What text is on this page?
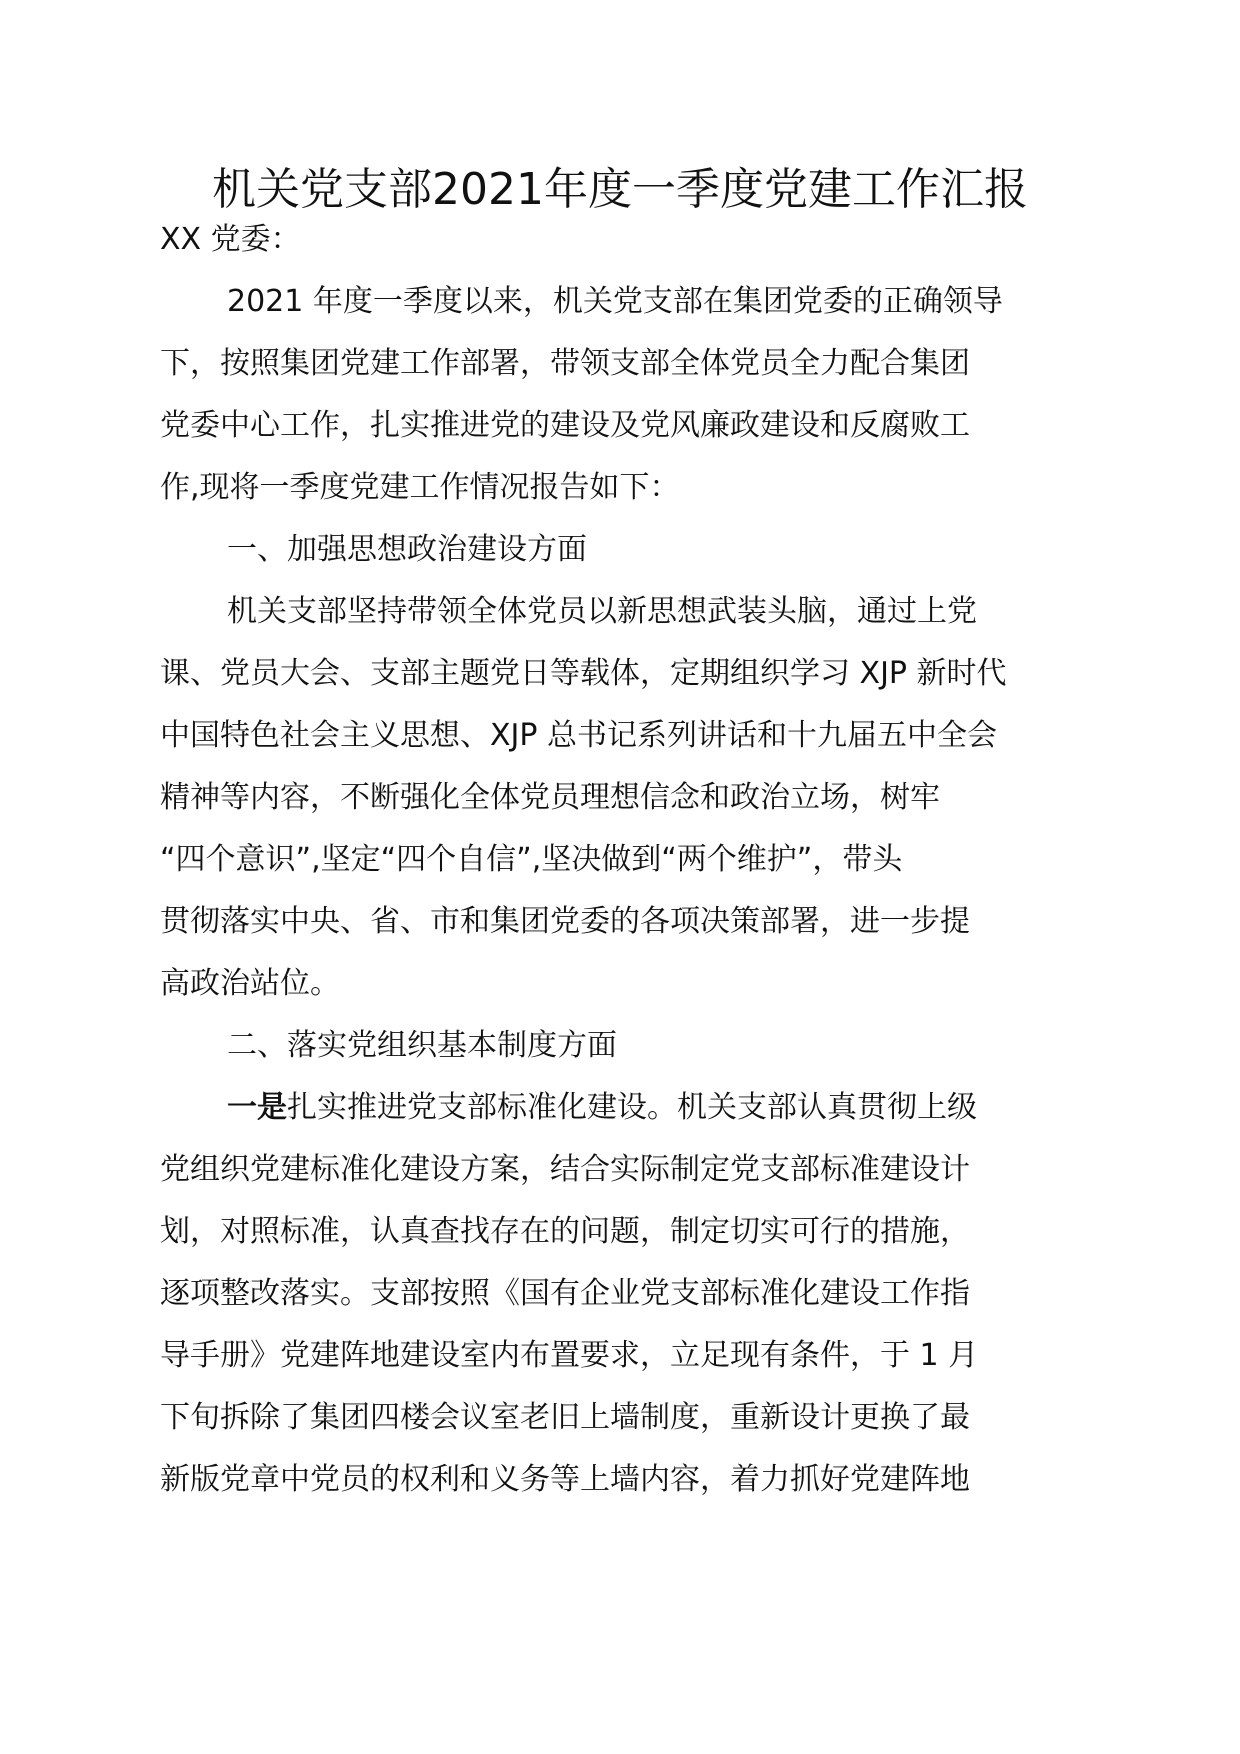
机关党支部2021年度一季度党建工作汇报

XX 党委：

2021 年度一季度以来，机关党支部在集团党委的正确领导

下，按照集团党建工作部署，带领支部全体党员全力配合集团

党委中心工作，扎实推进党的建设及党风廉政建设和反腐败工

作,现将一季度党建工作情况报告如下：

一、加强思想政治建设方面

机关支部坚持带领全体党员以新思想武装头脑，通过上党

课、党员大会、支部主题党日等载体，定期组织学习 XJP 新时代

中国特色社会主义思想、XJP 总书记系列讲话和十九届五中全会

精神等内容，不断强化全体党员理想信念和政治立场，树牢

“四个意识”,坚定“四个自信”,坚决做到“两个维护”，带头

贯彻落实中央、省、市和集团党委的各项决策部署，进一步提

高政治站位。

二、落实党组织基本制度方面

一是扎实推进党支部标准化建设。机关支部认真贯彻上级

党组织党建标准化建设方案，结合实际制定党支部标准建设计

划，对照标准，认真查找存在的问题，制定切实可行的措施，

逐项整改落实。支部按照《国有企业党支部标准化建设工作指

导手册》党建阵地建设室内布置要求，立足现有条件，于 1 月

下旬拆除了集团四楼会议室老旧上墙制度，重新设计更换了最

新版党章中党员的权利和义务等上墙内容，着力抓好党建阵地
